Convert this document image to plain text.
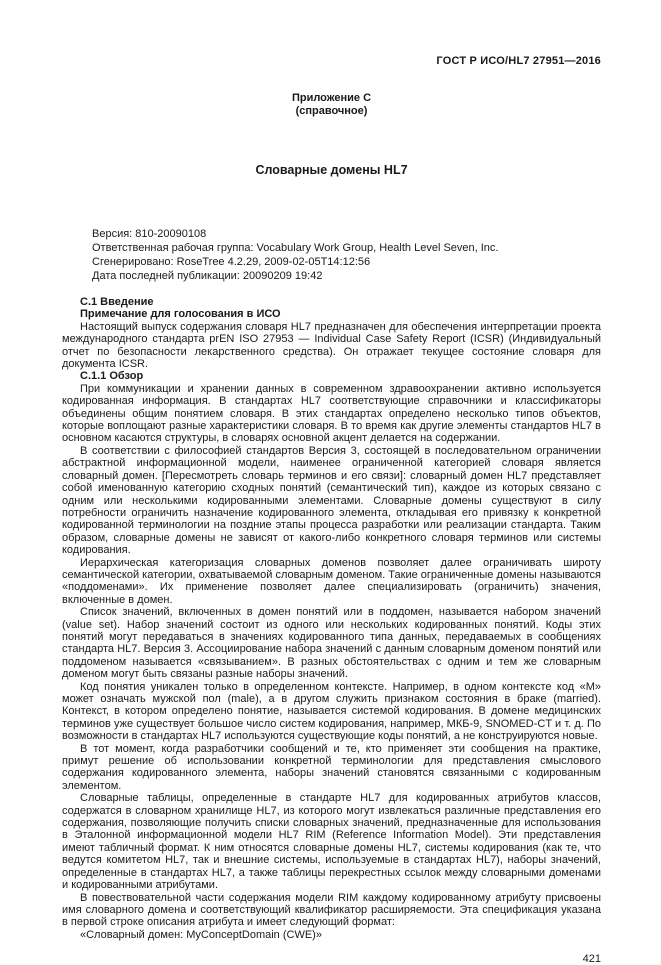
ГОСТ Р ИСО/HL7 27951—2016
Приложение С
(справочное)
Словарные домены HL7
Версия: 810-20090108
Ответственная рабочая группа: Vocabulary Work Group, Health Level Seven, Inc.
Сгенерировано: RoseTree 4.2.29, 2009-02-05T14:12:56
Дата последней публикации: 20090209 19:42

С.1 Введение

Примечание для голосования в ИСО

Настоящий выпуск содержания словаря HL7 предназначен для обеспечения интерпретации проекта международного стандарта prEN ISO 27953 — Individual Case Safety Report (ICSR) (Индивидуальный отчет по безопасности лекарственного средства). Он отражает текущее состояние словаря для документа ICSR.

С.1.1 Обзор

При коммуникации и хранении данных в современном здравоохранении активно используется кодированная информация. В стандартах HL7 соответствующие справочники и классификаторы объединены общим понятием словаря. В этих стандартах определено несколько типов объектов, которые воплощают разные характеристики словаря. В то время как другие элементы стандартов HL7 в основном касаются структуры, в словарях основной акцент делается на содержании.

В соответствии с философией стандартов Версия 3, состоящей в последовательном ограничении абстрактной информационной модели, наименее ограниченной категорией словаря является словарный домен. [Пересмотреть словарь терминов и его связи]: словарный домен HL7 представляет собой именованную категорию сходных понятий (семантический тип), каждое из которых связано с одним или несколькими кодированными элементами. Словарные домены существуют в силу потребности ограничить назначение кодированного элемента, откладывая его привязку к конкретной кодированной терминологии на поздние этапы процесса разработки или реализации стандарта. Таким образом, словарные домены не зависят от какого-либо конкретного словаря терминов или системы кодирования.

Иерархическая категоризация словарных доменов позволяет далее ограничивать широту семантической категории, охватываемой словарным доменом. Такие ограниченные домены называются «поддоменами». Их применение позволяет далее специализировать (ограничить) значения, включенные в домен.

Список значений, включенных в домен понятий или в поддомен, называется набором значений (value set). Набор значений состоит из одного или нескольких кодированных понятий. Коды этих понятий могут передаваться в значениях кодированного типа данных, передаваемых в сообщениях стандарта HL7. Версия 3. Ассоциирование набора значений с данным словарным доменом понятий или поддоменом называется «связыванием». В разных обстоятельствах с одним и тем же словарным доменом могут быть связаны разные наборы значений.

Код понятия уникален только в определенном контексте. Например, в одном контексте код «M» может означать мужской пол (male), а в другом служить признаком состояния в браке (married). Контекст, в котором определено понятие, называется системой кодирования. В домене медицинских терминов уже существует большое число систем кодирования, например, МКБ-9, SNOMED-CT и т. д. По возможности в стандартах HL7 используются существующие коды понятий, а не конструируются новые.

В тот момент, когда разработчики сообщений и те, кто применяет эти сообщения на практике, примут решение об использовании конкретной терминологии для представления смыслового содержания кодированного элемента, наборы значений становятся связанными с кодированным элементом.

Словарные таблицы, определенные в стандарте HL7 для кодированных атрибутов классов, содержатся в словарном хранилище HL7, из которого могут извлекаться различные представления его содержания, позволяющие получить списки словарных значений, предназначенные для использования в Эталонной информационной модели HL7 RIM (Reference Information Model). Эти представления имеют табличный формат. К ним относятся словарные домены HL7, системы кодирования (как те, что ведутся комитетом HL7, так и внешние системы, используемые в стандартах HL7), наборы значений, определенные в стандартах HL7, а также таблицы перекрестных ссылок между словарными доменами и кодированными атрибутами.

В повествовательной части содержания модели RIM каждому кодированному атрибуту присвоены имя словарного домена и соответствующий квалификатор расширяемости. Эта спецификация указана в первой строке описания атрибута и имеет следующий формат:

«Словарный домен: MyConceptDomain (CWE)»

421
